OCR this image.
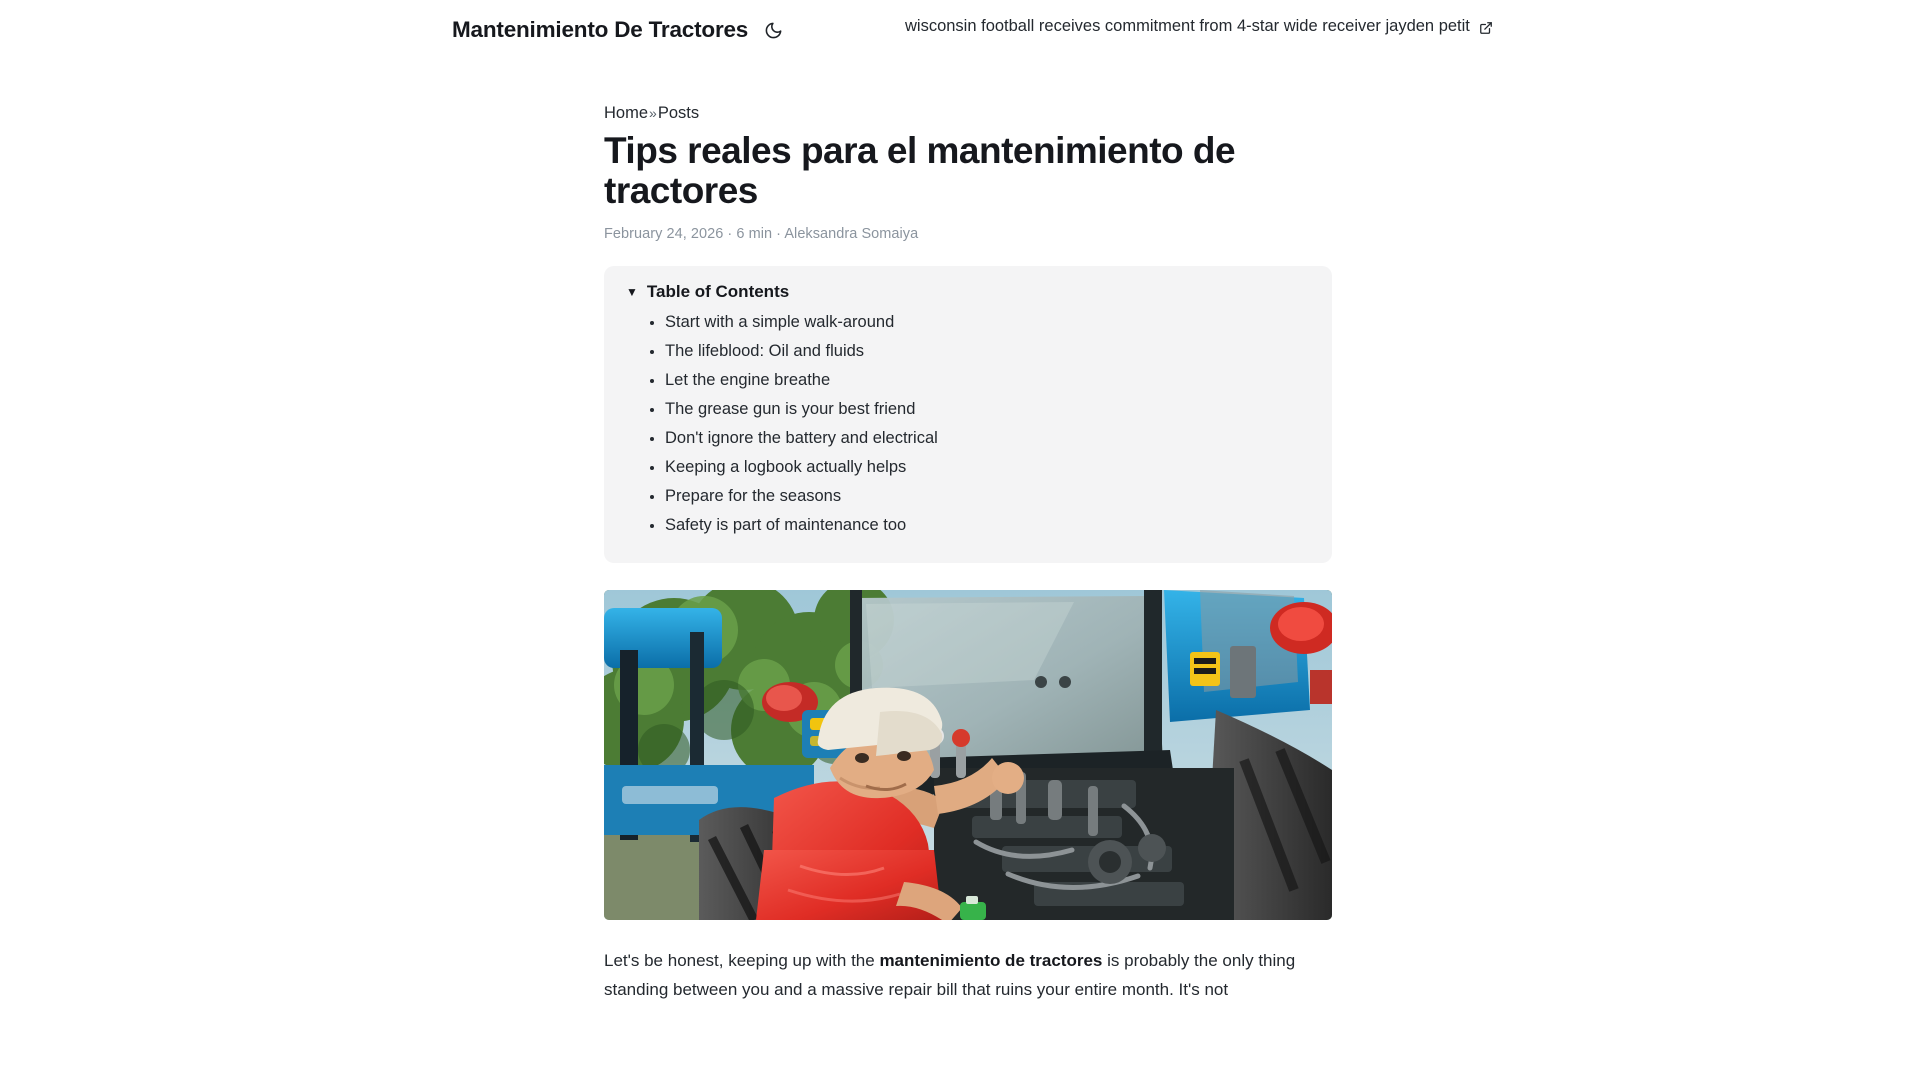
Mantenimiento De Tractores	wisconsin football receives commitment from 4-star wide receiver jayden petit
Home»Posts
Tips reales para el mantenimiento de tractores
February 24, 2026 · 6 min · Aleksandra Somaiya
▼ Table of Contents
• Start with a simple walk-around
• The lifeblood: Oil and fluids
• Let the engine breathe
• The grease gun is your best friend
• Don't ignore the battery and electrical
• Keeping a logbook actually helps
• Prepare for the seasons
• Safety is part of maintenance too

Let's be honest, keeping up with the mantenimiento de tractores is probably the only thing standing between you and a massive repair bill that ruins your entire month. It's not
